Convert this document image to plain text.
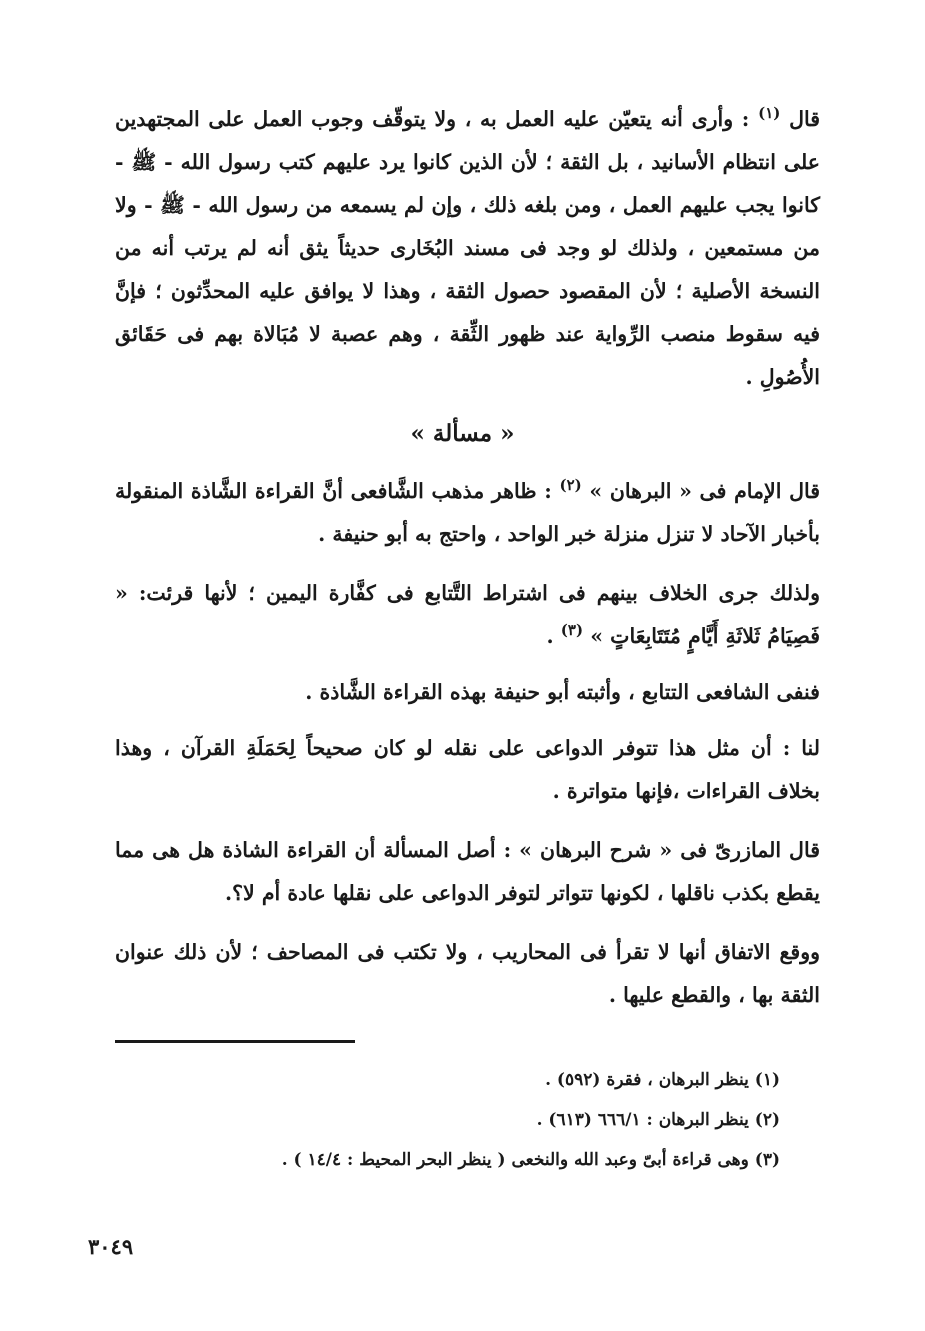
قال $^{(١)}$ : وأرى أنه يتعيّن عليه العمل به ، ولا يتوقّف وجوب العمل على المجتهدين على انتظام الأسانيد ، بل الثقة ؛ لأن الذين كانوا يرد عليهم كتب رسول الله - ﷺ - كانوا يجب عليهم العمل ، ومن بلغه ذلك ، وإن لم يسمعه من رسول الله - ﷺ - ولا من مستمعين ، ولذلك لو وجد فى مسند البُخَارى حديثاً يثق أنه لم يرتب أنه من النسخة الأصلية ؛ لأن المقصود حصول الثقة ، وهذا لا يوافق عليه المحدِّثون ؛ فإنَّ فيه سقوط منصب الرِّواية عند ظهور الثِّقة ، وهم عصبة لا مُبَالاة بهم فى حَقَائق الأُصُولِ .

« مسألة »

قال الإمام فى « البرهان » $^{(٢)}$ : ظاهر مذهب الشَّافعى أنَّ القراءة الشَّاذة المنقولة بأخبار الآحاد لا تنزل منزلة خبر الواحد ، واحتج به أبو حنيفة .

ولذلك جرى الخلاف بينهم فى اشتراط التَّتابع فى كفَّارة اليمين ؛ لأنها قرئت: « فَصِيَامُ ثَلاثَةِ أَيَّامٍ مُتَتَابِعَاتٍ » $^{(٣)}$ .

فنفى الشافعى التتابع ، وأثبته أبو حنيفة بهذه القراءة الشَّاذة .

لنا : أن مثل هذا تتوفر الدواعى على نقله لو كان صحيحاً لِحَمَلَةِ القرآن ، وهذا بخلاف القراءات ،فإنها متواترة .

قال المازرىّ فى « شرح البرهان » : أصل المسألة أن القراءة الشاذة هل هى مما يقطع بكذب ناقلها ، لكونها تتواتر لتوفر الدواعى على نقلها عادة أم لا؟.

ووقع الاتفاق أنها لا تقرأ فى المحاريب ، ولا تكتب فى المصاحف ؛ لأن ذلك عنوان الثقة بها ، والقطع عليها .

(١) ينظر البرهان ، فقرة (٥٩٢) .
(٢) ينظر البرهان : ٦٦٦/١ (٦١٣) .
(٣) وهى قراءة أبىّ وعبد الله والنخعى ( ينظر البحر المحيط : ١٤/٤ ) .
٣٠٤٩
